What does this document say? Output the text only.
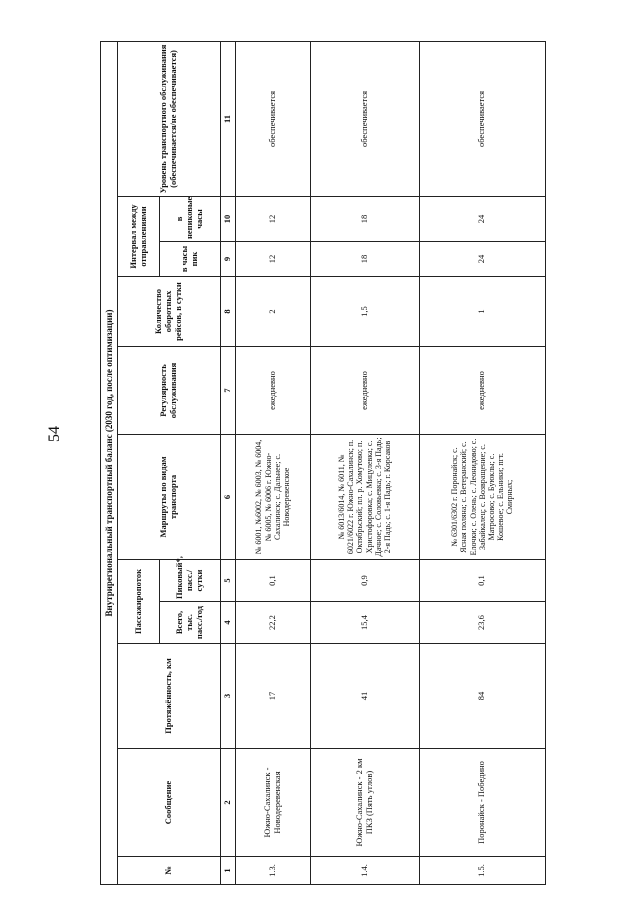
54	Внутрирегиональный транспортный баланс (2030 год, после оптимизации)										
№	Сообщение	Протяжённость, км	Пассажиропоток		Маршруты по видам транспорта	Регулярность обслуживания	Количество оборотных рейсов, в сутки	Интервал между отправлениями		Уровень транспортного обслуживания (обеспечивается/не обеспечивается)
			Всего, тыс. пасс./год	Пиковый*, пасс./сутки				в часы пик	в непиковые часы	
1	2	3	4	5	6	7	8	9	10	11
1.3.	Южно-Сахалинск - Новодеревенская	17	22,2	0,1	№ 6001, №6002, № 6003, № 6004, № 6005, № 6006 г. Южно-Сахалинск; с. Дальнее; с. Новодеревенское	ежедневно	2	12	12	обеспечивается
1.4.	Южно-Сахалинск - 2 км ПКЗ (Пять углов)	41	15,4	0,9	№ 6013/6014, № 6011, № 6021/6022 г. Южно-Сахалинск; п. Октябрьский; пл. р. Хомутово; п. Христофоровка; с. Мицулевка; с. Дачное; с. Соловьевка; с. 3-я Падь; 2-я Падь; с. 1-я Падь; г. Корсаков	ежедневно	1,5	18	18	обеспечивается
1.5.	Поронайск - Победино	84	23,6	0,1	№ 6301/6302 г. Поронайск; с. Ясная поляна; с. Ветеранский; с. Елочки; с. Олень; с. Леонидово; с. Забайкалец; с. Возвращение; с. Матросово; с. Буюклы; с. Кошевое; с. Ельники; пгт. Смирных;	ежедневно	1	24	24	обеспечивается
